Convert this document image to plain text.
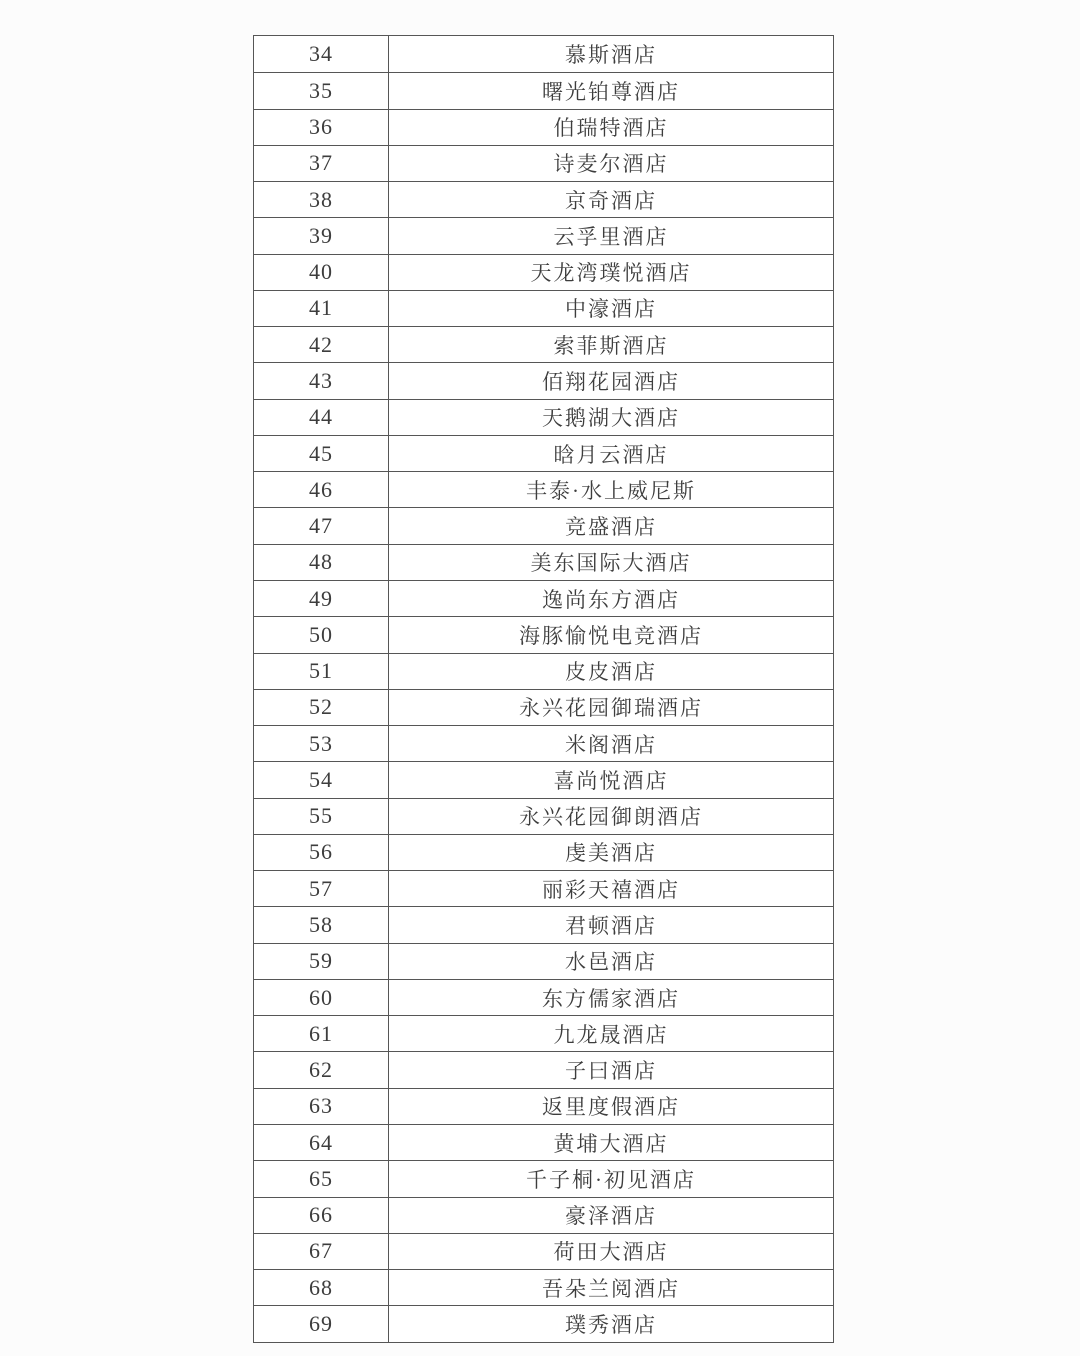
34	慕斯酒店
35	曙光铂尊酒店
36	伯瑞特酒店
37	诗麦尔酒店
38	京奇酒店
39	云孚里酒店
40	天龙湾璞悦酒店
41	中濠酒店
42	索菲斯酒店
43	佰翔花园酒店
44	天鹅湖大酒店
45	晗月云酒店
46	丰泰·水上威尼斯
47	竞盛酒店
48	美东国际大酒店
49	逸尚东方酒店
50	海豚愉悦电竞酒店
51	皮皮酒店
52	永兴花园御瑞酒店
53	米阁酒店
54	喜尚悦酒店
55	永兴花园御朗酒店
56	虔美酒店
57	丽彩天禧酒店
58	君顿酒店
59	水邑酒店
60	东方儒家酒店
61	九龙晟酒店
62	子曰酒店
63	返里度假酒店
64	黄埔大酒店
65	千子桐·初见酒店
66	豪泽酒店
67	荷田大酒店
68	吾朵兰阅酒店
69	璞秀酒店
